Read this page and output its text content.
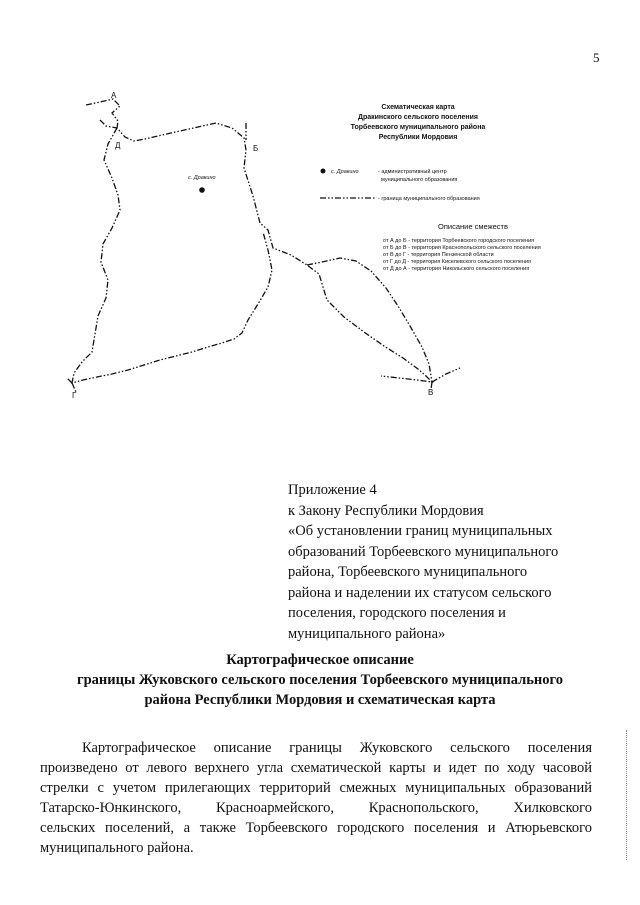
5
А
Д	Б
Г	В
с. Дракино
Схематическая карта
Дракинского сельского поселения
Торбеевского муниципального района
Республики Мордовия
с. Дракино	- административный центр
муниципального образования
- граница муниципального образования
Описание смежеств
от А до Б - территория Торбеевского городского поселения
от Б до В - территория Краснопольского сельского поселения
от В до Г - территория Пензенской области
от Г до Д - территория Киселевского сельского поселения
от Д до А - территория Никольского сельского поселения
Приложение 4
к Закону Республики Мордовия
«Об установлении границ муниципальных
образований Торбеевского муниципального
района, Торбеевского муниципального
района и наделении их статусом сельского
поселения, городского поселения и
муниципального района»
Картографическое описание
границы Жуковского сельского поселения Торбеевского муниципального
района Республики Мордовия и схематическая карта
Картографическое описание границы Жуковского сельского поселения
произведено от левого верхнего угла схематической карты и идет по ходу часовой
стрелки с учетом прилегающих территорий смежных муниципальных образований
Татарско-Юнкинского, Красноармейского, Краснопольского, Хилковского
сельских поселений, а также Торбеевского городского поселения и Атюрьевского
муниципального района.
